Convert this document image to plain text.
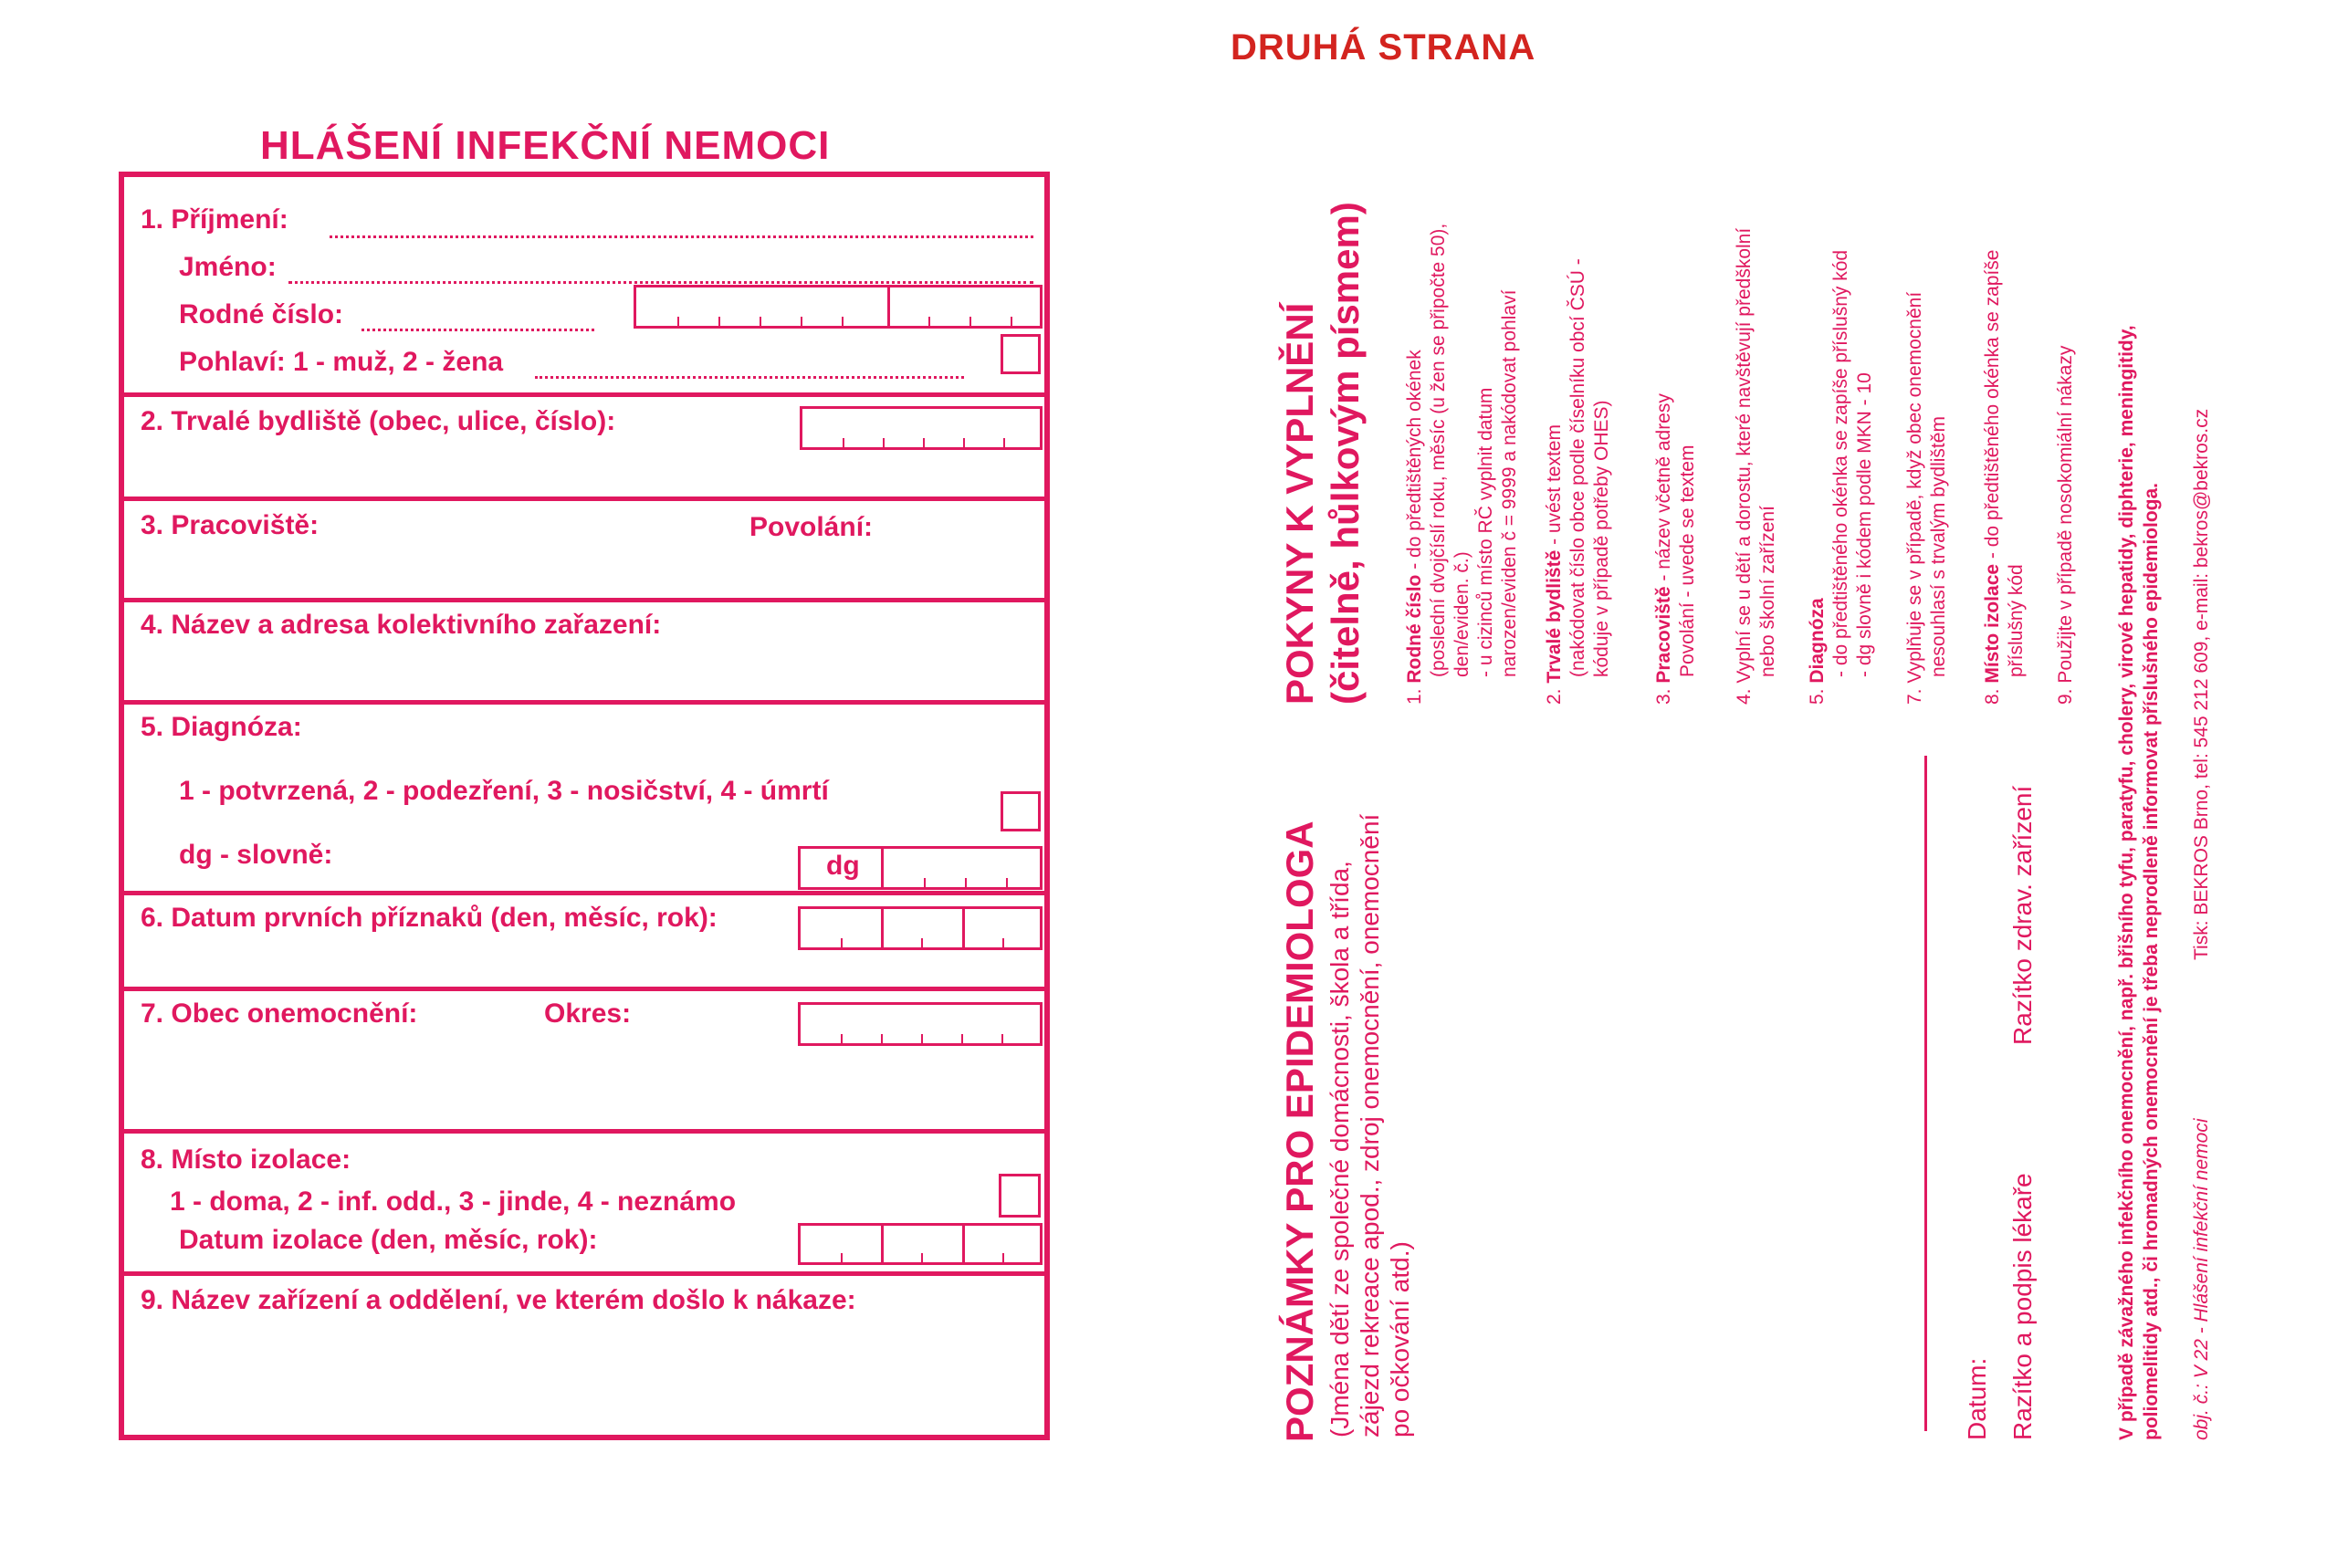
HLÁŠENÍ INFEKČNÍ NEMOCI
1. Příjmení:
Jméno:
Rodné číslo:
Pohlaví: 1 - muž, 2 - žena
2. Trvalé bydliště (obec, ulice, číslo):
3. Pracoviště:	Povolání:
4. Název a adresa kolektivního zařazení:
5. Diagnóza:
1 - potvrzená, 2 - podezření, 3 - nosičství, 4 - úmrtí
dg - slovně:	dg
6. Datum prvních příznaků (den, měsíc, rok):
7. Obec onemocnění:	Okres:
8. Místo izolace:
1 - doma, 2 - inf. odd., 3 - jinde, 4 - neznámo
Datum izolace (den, měsíc, rok):
9. Název zařízení a oddělení, ve kterém došlo k nákaze:
DRUHÁ STRANA
POZNÁMKY PRO EPIDEMIOLOGA (Jména dětí ze společné domácnosti, škola a třída, zájezd rekreace apod., zdroj onemocnění, onemocnění po očkování atd.)
POKYNY K VYPLNĚNÍ (čitelně, hůlkovým písmem) 1. Rodné číslo - do předtištěných okének (poslední dvojčíslí roku, měsíc (u žen se připočte 50), den/eviden. č.) - u cizinců místo RČ vyplnit datum narozen/eviden č = 9999 a nakódovat pohlaví
2. Trvalé bydliště - uvést textem (nakódovat číslo obce podle číselníku obcí ČSÚ - kóduje v případě potřeby OHES)
3. Pracoviště - název včetně adresy Povolání - uvede se textem
4. Vyplní se u dětí a dorostu, které navštěvují předškolní nebo školní zařízení
5. Diagnóza - do předtištěného okénka se zapíše příslušný kód - dg slovně i kódem podle MKN - 10
7. Vyplňuje se v případě, když obec onemocnění nesouhlasí s trvalým bydlištěm
8. Místo izolace - do předtištěného okénka se zapíše
příslušný kód
9. Použijte v případě nosokomiální nákazy
Datum: Razítko a podpis lékaře
Razítko zdrav. zařízení	V případě závažného infekčního onemocnění, např. břišního tyfu, paratyfu, cholery, virové hepatidy, diphterie, meningitidy, poliomelitidy atd., či hromadných onemocnění je třeba neprodleně informovat příslušného epidemiologa. obj. č.: V 22 - Hlášení infekční nemoci
Tisk: BEKROS Brno, tel: 545 212 609, e-mail: bekros@bekros.cz
